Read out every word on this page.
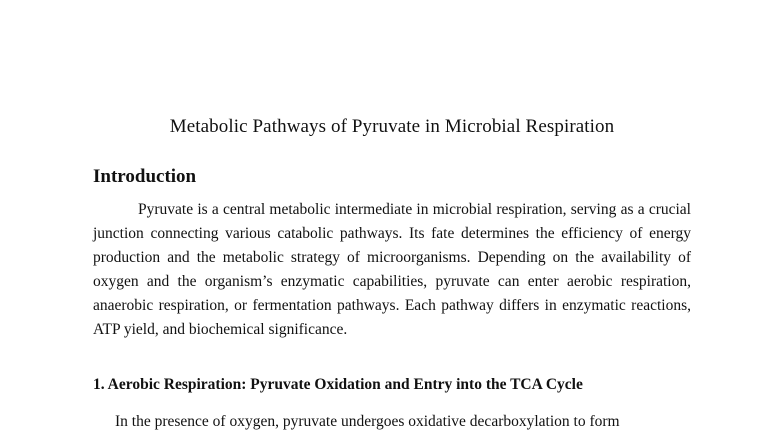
Metabolic Pathways of Pyruvate in Microbial Respiration
Introduction

Pyruvate is a central metabolic intermediate in microbial respiration, serving as a crucial junction connecting various catabolic pathways. Its fate determines the efficiency of energy production and the metabolic strategy of microorganisms. Depending on the availability of oxygen and the organism’s enzymatic capabilities, pyruvate can enter aerobic respiration, anaerobic respiration, or fermentation pathways. Each pathway differs in enzymatic reactions, ATP yield, and biochemical significance.

1. Aerobic Respiration: Pyruvate Oxidation and Entry into the TCA Cycle

In the presence of oxygen, pyruvate undergoes oxidative decarboxylation to form
